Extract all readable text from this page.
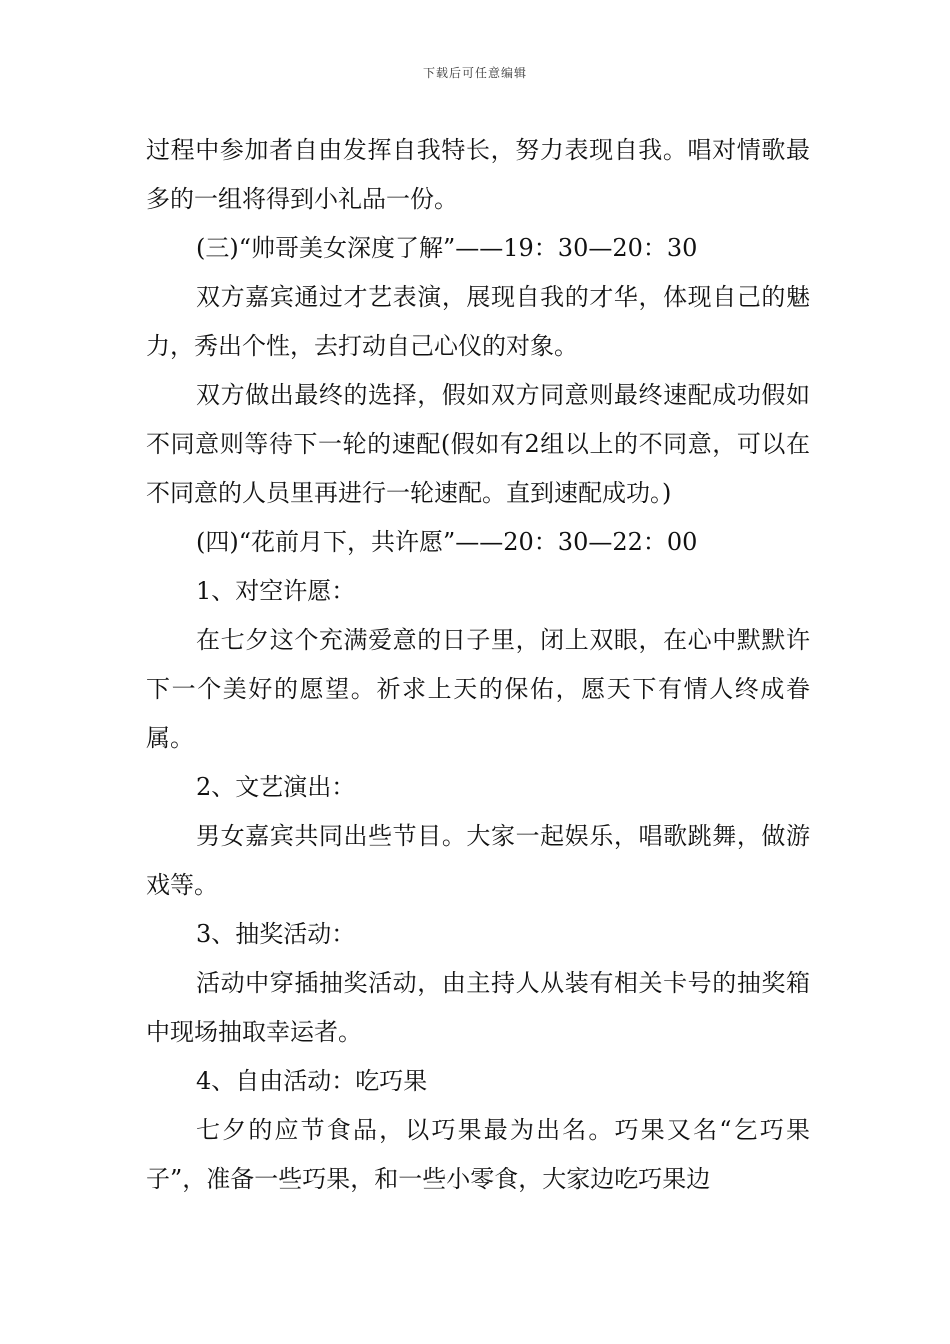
下载后可任意编辑

过程中参加者自由发挥自我特长，努力表现自我。唱对情歌最多的一组将得到小礼品一份。

(三)“帅哥美女深度了解”——19：30—20：30

双方嘉宾通过才艺表演，展现自我的才华，体现自己的魅力，秀出个性，去打动自己心仪的对象。

双方做出最终的选择，假如双方同意则最终速配成功假如不同意则等待下一轮的速配(假如有2组以上的不同意，可以在不同意的人员里再进行一轮速配。直到速配成功。)

(四)“花前月下，共许愿”——20：30—22：00

1、对空许愿：

在七夕这个充满爱意的日子里，闭上双眼，在心中默默许下一个美好的愿望。祈求上天的保佑，愿天下有情人终成眷属。

2、文艺演出：

男女嘉宾共同出些节目。大家一起娱乐，唱歌跳舞，做游戏等。

3、抽奖活动：

活动中穿插抽奖活动，由主持人从装有相关卡号的抽奖箱中现场抽取幸运者。

4、自由活动：吃巧果

七夕的应节食品，以巧果最为出名。巧果又名“乞巧果子”，准备一些巧果，和一些小零食，大家边吃巧果边
